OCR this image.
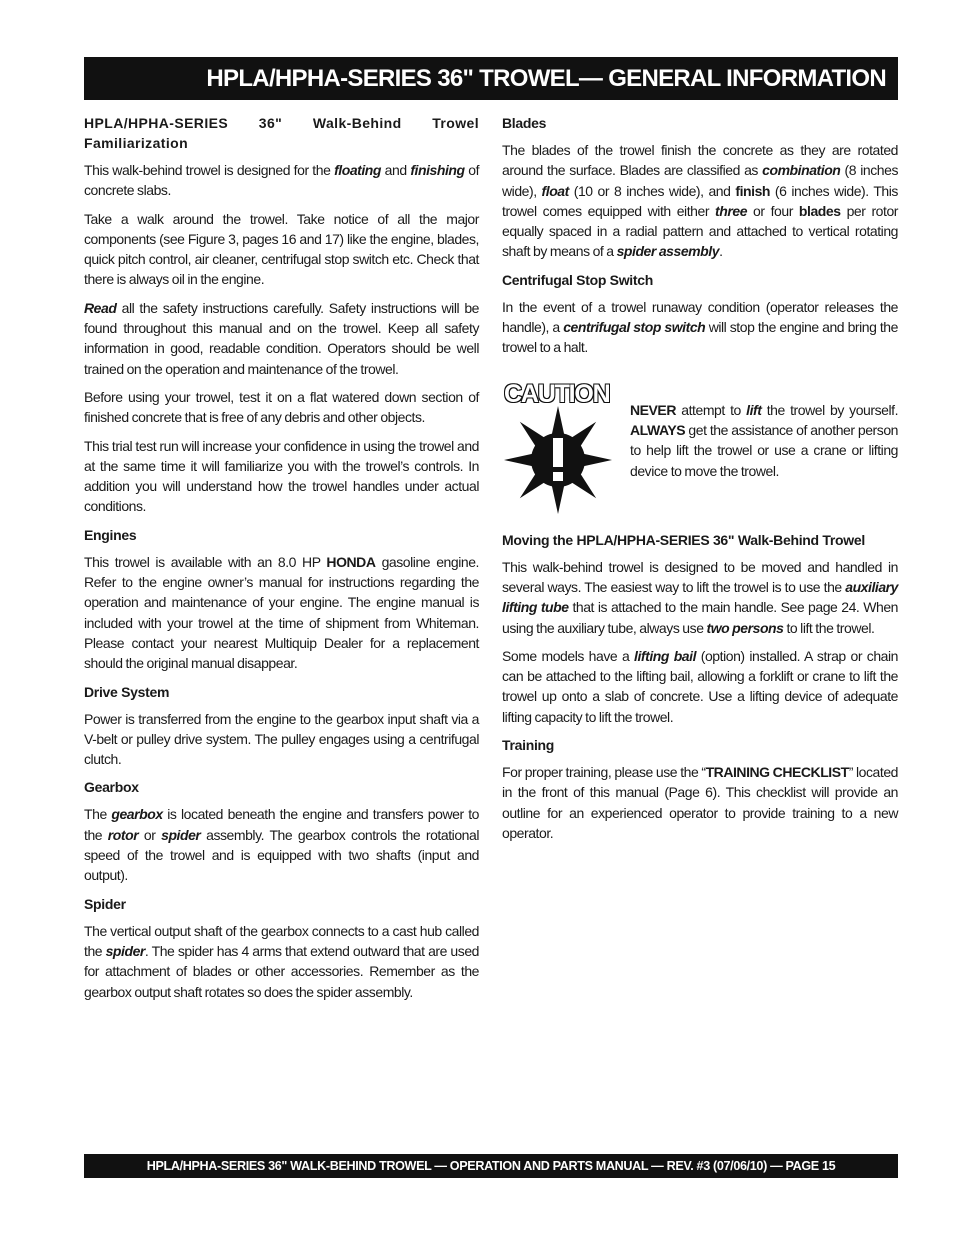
HPLA/HPHA-SERIES 36" TROWEL— GENERAL INFORMATION
HPLA/HPHA-SERIES 36" Walk-Behind Trowel
Familiarization

This walk-behind trowel is designed for the floating and finishing of concrete slabs.

Take a walk around the trowel. Take notice of all the major components (see Figure 3, pages 16 and 17) like the engine, blades, quick pitch control, air cleaner, centrifugal stop switch etc. Check that there is always oil in the engine.

Read all the safety instructions carefully. Safety instructions will be found throughout this manual and on the trowel. Keep all safety information in good, readable condition. Operators should be well trained on the operation and maintenance of the trowel.

Before using your trowel, test it on a flat watered down section of finished concrete that is free of any debris and other objects.

This trial test run will increase your confidence in using the trowel and at the same time it will familiarize you with the trowel’s controls. In addition you will understand how the trowel handles under actual conditions.

Engines

This trowel is available with an 8.0 HP HONDA gasoline engine. Refer to the engine owner’s manual for instructions regarding the operation and maintenance of your engine. The engine manual is included with your trowel at the time of shipment from Whiteman. Please contact your nearest Multiquip Dealer for a replacement should the original manual disappear.

Drive System

Power is transferred from the engine to the gearbox input shaft via a V-belt or pulley drive system. The pulley engages using a centrifugal clutch.

Gearbox

The gearbox is located beneath the engine and transfers power to the rotor or spider assembly. The gearbox controls the rotational speed of the trowel and is equipped with two shafts (input and output).

Spider

The vertical output shaft of the gearbox connects to a cast hub called the spider. The spider has 4 arms that extend outward that are used for attachment of blades or other accessories. Remember as the gearbox output shaft rotates so does the spider assembly.

Blades

The blades of the trowel finish the concrete as they are rotated around the surface. Blades are classified as combination (8 inches wide), float (10 or 8 inches wide), and finish (6 inches wide). This trowel comes equipped with either three or four blades per rotor equally spaced in a radial pattern and attached to vertical rotating shaft by means of a spider assembly.

Centrifugal Stop Switch

In the event of a trowel runaway condition (operator releases the handle), a centrifugal stop switch will stop the engine and bring the trowel to a halt.

CAUTION

NEVER attempt to lift the trowel by yourself. ALWAYS get the assistance of another person to help lift the trowel or use a crane or lifting device to move the trowel.

Moving the HPLA/HPHA-SERIES 36" Walk-Behind Trowel

This walk-behind trowel is designed to be moved and handled in several ways. The easiest way to lift the trowel is to use the auxiliary lifting tube that is attached to the main handle. See page 24. When using the auxiliary tube, always use two persons to lift the trowel.

Some models have a lifting bail (option) installed. A strap or chain can be attached to the lifting bail, allowing a forklift or crane to lift the trowel up onto a slab of concrete. Use a lifting device of adequate lifting capacity to lift the trowel.

Training

For proper training, please use the “TRAINING CHECKLIST” located in the front of this manual (Page 6). This checklist will provide an outline for an experienced operator to provide training to a new operator.

HPLA/HPHA-SERIES 36" WALK-BEHIND TROWEL — OPERATION AND PARTS MANUAL — REV. #3 (07/06/10) — PAGE 15
